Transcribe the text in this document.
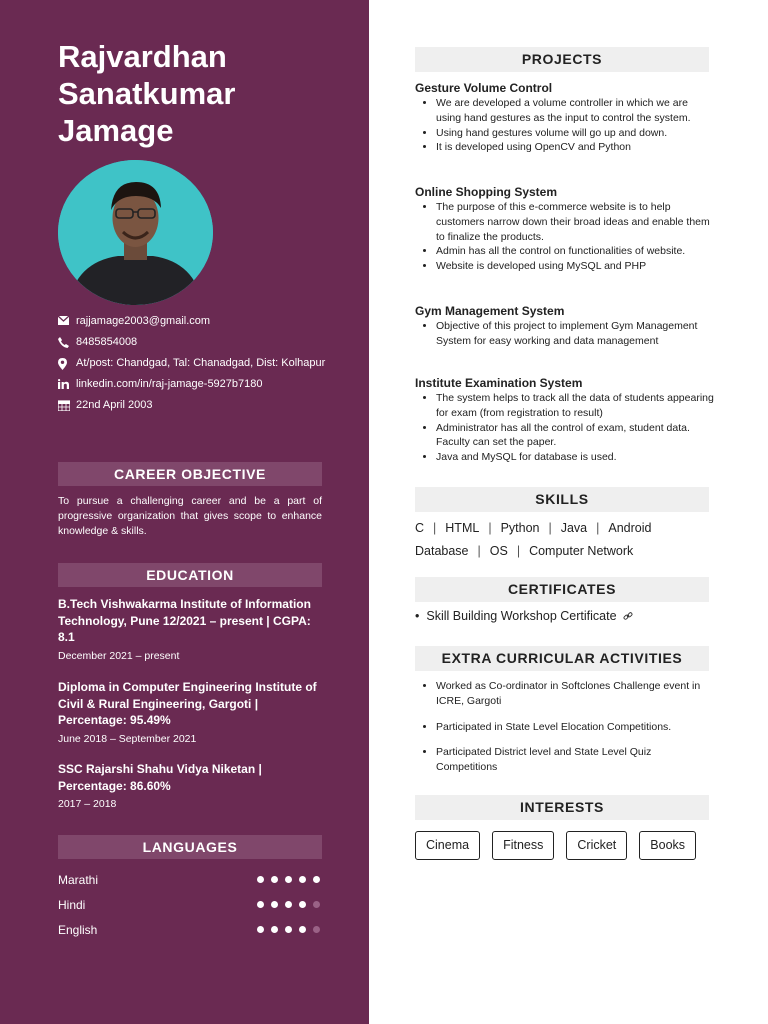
Rajvardhan
Sanatkumar
Jamage
rajjamage2003@gmail.com
8485854008
At/post: Chandgad, Tal: Chanadgad, Dist: Kolhapur
linkedin.com/in/raj-jamage-5927b7180
22nd April 2003
CAREER OBJECTIVE
To pursue a challenging career and be a part of progressive organization that gives scope to enhance knowledge & skills.
EDUCATION
B.Tech Vishwakarma Institute of Information Technology, Pune 12/2021 – present | CGPA: 8.1
December 2021 – present
Diploma in Computer Engineering Institute of Civil & Rural Engineering, Gargoti | Percentage: 95.49%
June 2018 – September 2021
SSC Rajarshi Shahu Vidya Niketan | Percentage: 86.60%
2017 – 2018
LANGUAGES
Marathi
Hindi
English
PROJECTS
Gesture Volume Control
• We are developed a volume controller in which we are using hand gestures as the input to control the system.
• Using hand gestures volume will go up and down.
• It is developed using OpenCV and Python
Online Shopping System
• The purpose of this e-commerce website is to help customers narrow down their broad ideas and enable them to finalize the products.
• Admin has all the control on functionalities of website.
• Website is developed using MySQL and PHP
Gym Management System
• Objective of this project to implement Gym Management System for easy working and data management
Institute Examination System
• The system helps to track all the data of students appearing for exam (from registration to result)
• Administrator has all the control of exam, student data. Faculty can set the paper.
• Java and MySQL for database is used.
SKILLS
C | HTML | Python | Java | Android
Database | OS | Computer Network
CERTIFICATES
• Skill Building Workshop Certificate
EXTRA CURRICULAR ACTIVITIES
• Worked as Co-ordinator in Softclones Challenge event in ICRE, Gargoti
• Participated in State Level Elocation Competitions.
• Participated District level and State Level Quiz Competitions
INTERESTS
Cinema	Fitness	Cricket	Books
